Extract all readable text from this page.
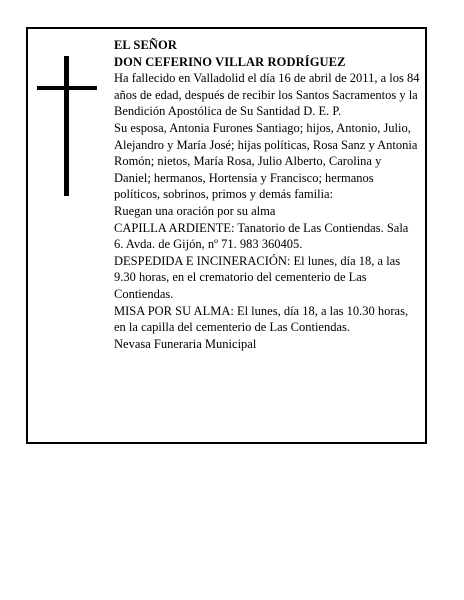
EL SEÑOR

DON CEFERINO VILLAR RODRÍGUEZ

Ha fallecido en Valladolid el día 16 de abril de 2011, a los 84 años de edad, después de recibir los Santos Sacramentos y la Bendición Apostólica de Su Santidad D. E. P.

Su esposa, Antonia Furones Santiago; hijos, Antonio, Julio, Alejandro y María José; hijas políticas, Rosa Sanz y Antonia Romón; nietos, María Rosa, Julio Alberto, Carolina y Daniel; hermanos, Hortensia y Francisco; hermanos políticos, sobrinos, primos y demás familia:

Ruegan una oración por su alma

CAPILLA ARDIENTE: Tanatorio de Las Contiendas. Sala 6. Avda. de Gijón, nº 71. 983 360405.

DESPEDIDA E INCINERACIÓN: El lunes, día 18, a las 9.30 horas, en el crematorio del cementerio de Las Contiendas.

MISA POR SU ALMA: El lunes, día 18, a las 10.30 horas, en la capilla del cementerio de Las Contiendas.

Nevasa Funeraria Municipal
